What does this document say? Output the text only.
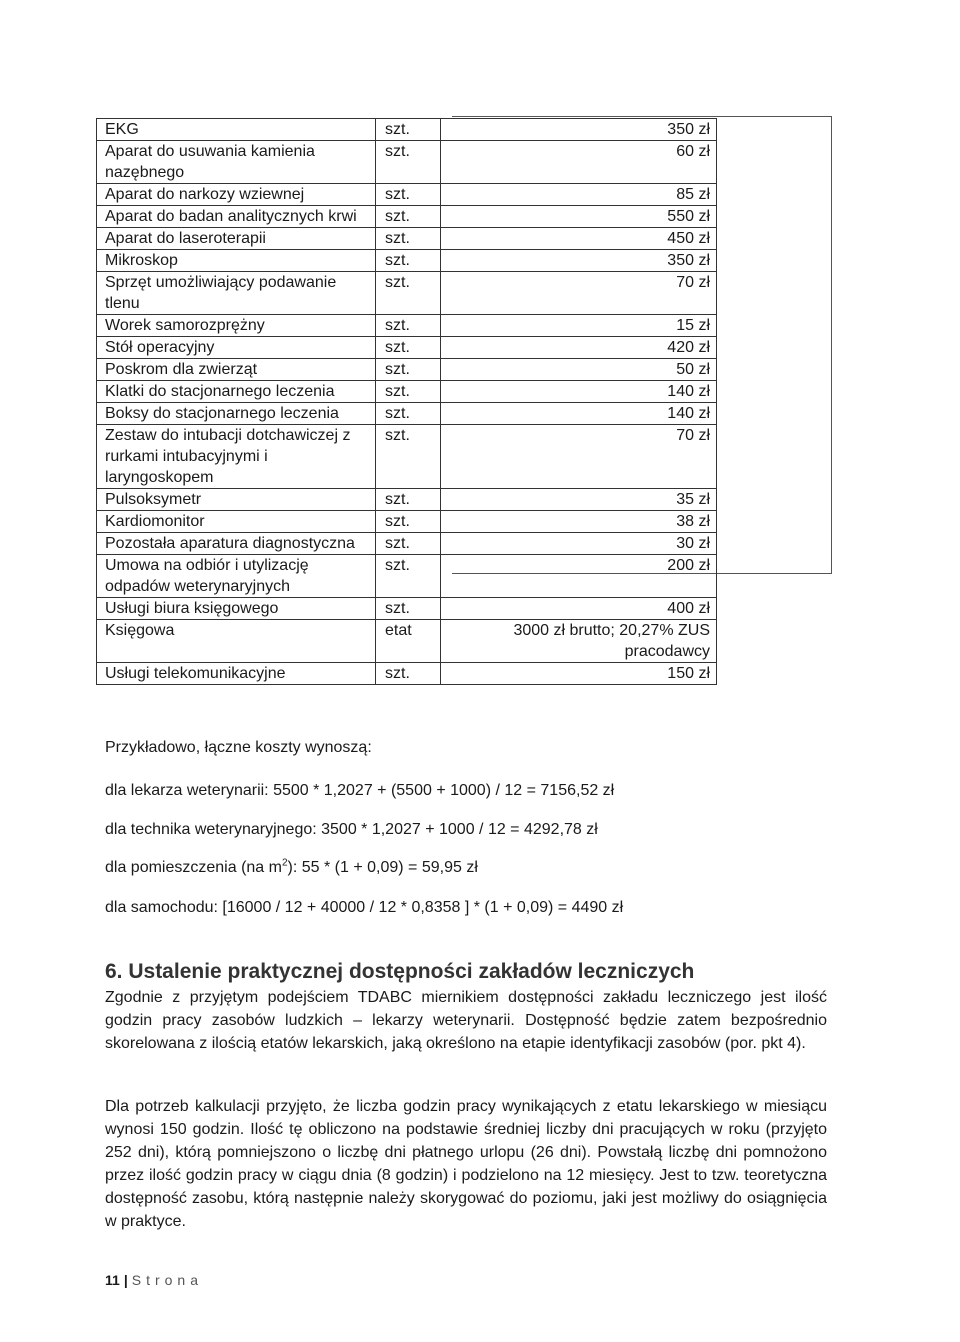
EKG	szt.	350 zł
Aparat do usuwania kamienia nazębnego	szt.	60 zł
Aparat do narkozy wziewnej	szt.	85 zł
Aparat do badan analitycznych krwi	szt.	550 zł
Aparat do laseroterapii	szt.	450 zł
Mikroskop	szt.	350 zł
Sprzęt umożliwiający podawanie tlenu	szt.	70 zł
Worek samorozprężny	szt.	15 zł
Stół operacyjny	szt.	420 zł
Poskrom dla zwierząt	szt.	50 zł
Klatki do stacjonarnego leczenia	szt.	140 zł
Boksy do stacjonarnego leczenia	szt.	140 zł
Zestaw do intubacji dotchawiczej z rurkami intubacyjnymi i laryngoskopem	szt.	70 zł
Pulsoksymetr	szt.	35 zł
Kardiomonitor	szt.	38 zł
Pozostała aparatura diagnostyczna	szt.	30 zł
Umowa na odbiór i utylizację odpadów weterynaryjnych	szt.	200 zł
Usługi biura księgowego	szt.	400 zł
Księgowa	etat	3000 zł brutto; 20,27% ZUS pracodawcy
Usługi telekomunikacyjne	szt.	150 zł
Przykładowo, łączne koszty wynoszą:
dla lekarza weterynarii: 5500 * 1,2027 + (5500 + 1000) / 12 = 7156,52 zł
dla technika weterynaryjnego: 3500 * 1,2027 + 1000 / 12 = 4292,78 zł
dla pomieszczenia (na $m^2$): 55 * (1 + 0,09) = 59,95 zł
dla samochodu: [16000 / 12 + 40000 / 12 * 0,8358 ] * (1 + 0,09) = 4490 zł
6. Ustalenie praktycznej dostępności zakładów leczniczych
Zgodnie z przyjętym podejściem TDABC miernikiem dostępności zakładu leczniczego jest ilość godzin pracy zasobów ludzkich – lekarzy weterynarii. Dostępność będzie zatem bezpośrednio skorelowana z ilością etatów lekarskich, jaką określono na etapie identyfikacji zasobów (por. pkt 4).
Dla potrzeb kalkulacji przyjęto, że liczba godzin pracy wynikających z etatu lekarskiego w miesiącu wynosi 150 godzin. Ilość tę obliczono na podstawie średniej liczby dni pracujących w roku (przyjęto 252 dni), którą pomniejszono o liczbę dni płatnego urlopu (26 dni). Powstałą liczbę dni pomnożono przez ilość godzin pracy w ciągu dnia (8 godzin) i podzielono na 12 miesięcy. Jest to tzw. teoretyczna dostępność zasobu, którą następnie należy skorygować do poziomu, jaki jest możliwy do osiągnięcia w praktyce.
11 | Strona
